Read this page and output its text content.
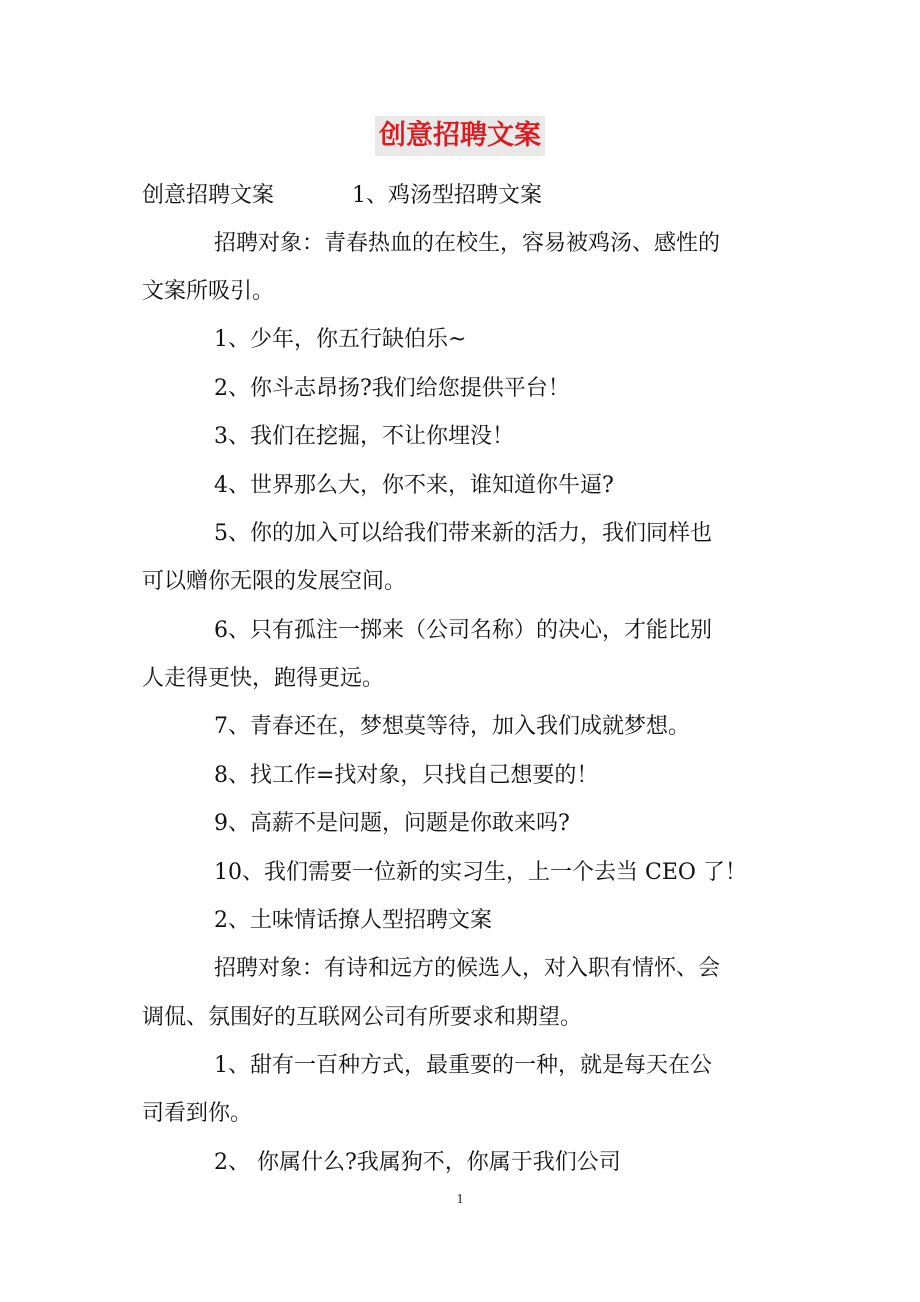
创意招聘文案
创意招聘文案	1、鸡汤型招聘文案
招聘对象：青春热血的在校生，容易被鸡汤、感性的
文案所吸引。
1、少年，你五行缺伯乐~
2、你斗志昂扬?我们给您提供平台！
3、我们在挖掘，不让你埋没！
4、世界那么大，你不来，谁知道你牛逼?
5、你的加入可以给我们带来新的活力，我们同样也
可以赠你无限的发展空间。
6、只有孤注一掷来（公司名称）的决心，才能比别
人走得更快，跑得更远。
7、青春还在，梦想莫等待，加入我们成就梦想。
8、找工作=找对象，只找自己想要的！
9、高薪不是问题，问题是你敢来吗?
10、我们需要一位新的实习生，上一个去当 CEO 了！
2、土味情话撩人型招聘文案
招聘对象：有诗和远方的候选人，对入职有情怀、会
调侃、氛围好的互联网公司有所要求和期望。
1、甜有一百种方式，最重要的一种，就是每天在公
司看到你。
2、 你属什么?我属狗不，你属于我们公司
1
